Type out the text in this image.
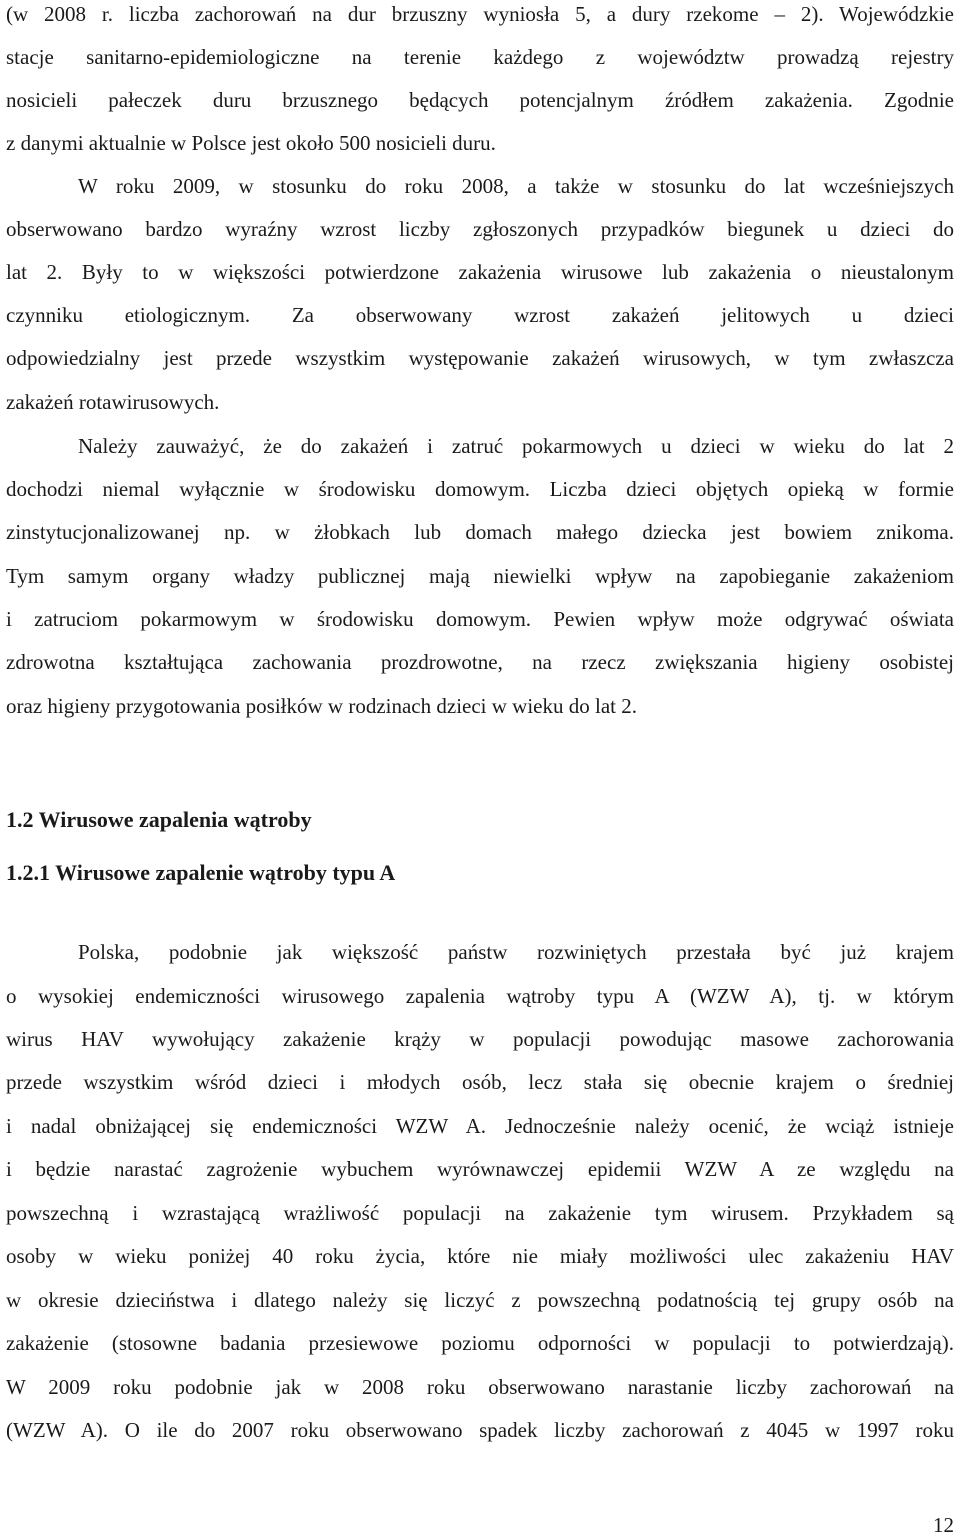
(w 2008 r. liczba zachorowań na dur brzuszny wyniosła 5, a dury rzekome – 2). Wojewódzkie
stacje sanitarno-epidemiologiczne na terenie każdego z województw prowadzą rejestry
nosicieli pałeczek duru brzusznego będących potencjalnym źródłem zakażenia. Zgodnie
z danymi aktualnie w Polsce jest około 500 nosicieli duru.
W roku 2009, w stosunku do roku 2008, a także w stosunku do lat wcześniejszych
obserwowano bardzo wyraźny wzrost liczby zgłoszonych przypadków biegunek u dzieci do
lat 2. Były to w większości potwierdzone zakażenia wirusowe lub zakażenia o nieustalonym
czynniku etiologicznym. Za obserwowany wzrost zakażeń jelitowych u dzieci
odpowiedzialny jest przede wszystkim występowanie zakażeń wirusowych, w tym zwłaszcza
zakażeń rotawirusowych.
Należy zauważyć, że do zakażeń i zatruć pokarmowych u dzieci w wieku do lat 2
dochodzi niemal wyłącznie w środowisku domowym. Liczba dzieci objętych opieką w formie
zinstytucjonalizowanej np. w żłobkach lub domach małego dziecka jest bowiem znikoma.
Tym samym organy władzy publicznej mają niewielki wpływ na zapobieganie zakażeniom
i zatruciom pokarmowym w środowisku domowym. Pewien wpływ może odgrywać oświata
zdrowotna kształtująca zachowania prozdrowotne, na rzecz zwiększania higieny osobistej
oraz higieny przygotowania posiłków w rodzinach dzieci w wieku do lat 2.
1.2 Wirusowe zapalenia wątroby
1.2.1 Wirusowe zapalenie wątroby typu A
Polska, podobnie jak większość państw rozwiniętych przestała być już krajem
o wysokiej endemiczności wirusowego zapalenia wątroby typu A (WZW A), tj. w którym
wirus HAV wywołujący zakażenie krąży w populacji powodując masowe zachorowania
przede wszystkim wśród dzieci i młodych osób, lecz stała się obecnie krajem o średniej
i nadal obniżającej się endemiczności WZW A. Jednocześnie należy ocenić, że wciąż istnieje
i będzie narastać zagrożenie wybuchem wyrównawczej epidemii WZW A ze względu na
powszechną i wzrastającą wrażliwość populacji na zakażenie tym wirusem. Przykładem są
osoby w wieku poniżej 40 roku życia, które nie miały możliwości ulec zakażeniu HAV
w okresie dzieciństwa i dlatego należy się liczyć z powszechną podatnością tej grupy osób na
zakażenie (stosowne badania przesiewowe poziomu odporności w populacji to potwierdzają).
W 2009 roku podobnie jak w 2008 roku obserwowano narastanie liczby zachorowań na
(WZW A). O ile do 2007 roku obserwowano spadek liczby zachorowań z 4045 w 1997 roku
12
